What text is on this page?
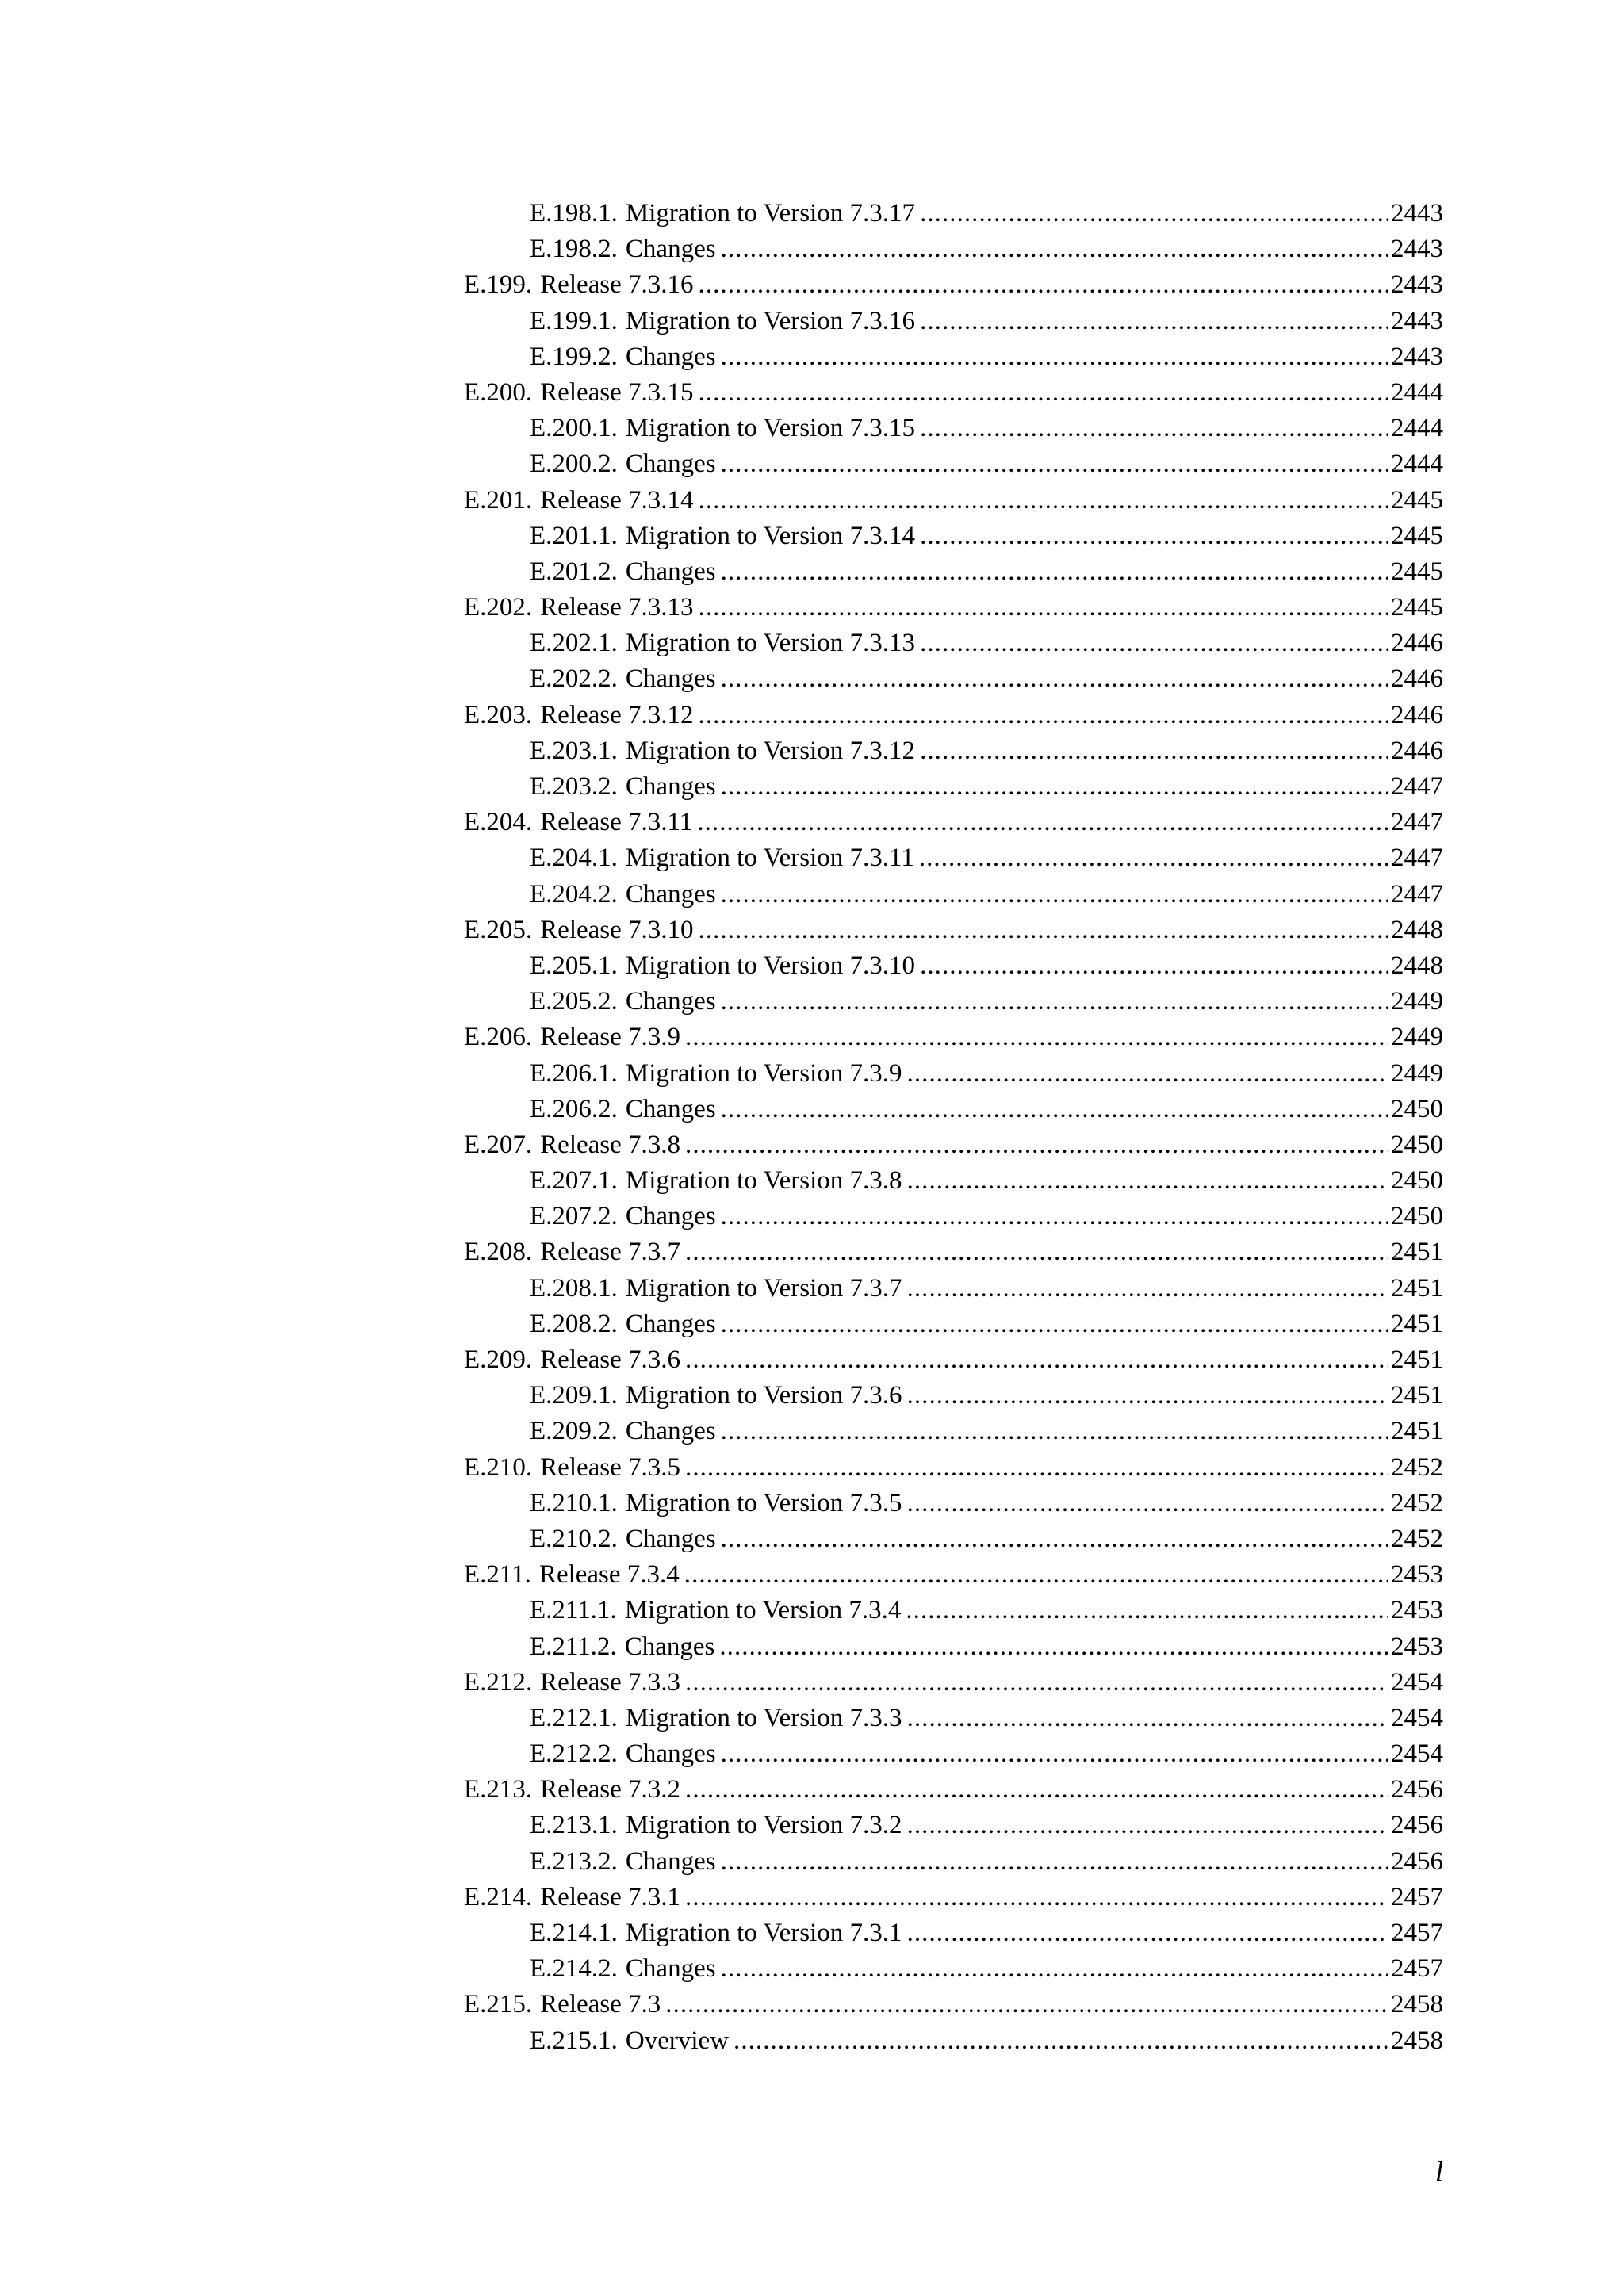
E.198.1. Migration to Version 7.3.17 . . .	2443
E.198.2. Changes . . .	2443
E.199. Release 7.3.16 . . .	2443
E.199.1. Migration to Version 7.3.16 . . .	2443
E.199.2. Changes . . .	2443
E.200. Release 7.3.15 . . .	2444
E.200.1. Migration to Version 7.3.15 . . .	2444
E.200.2. Changes . . .	2444
E.201. Release 7.3.14 . . .	2445
E.201.1. Migration to Version 7.3.14 . . .	2445
E.201.2. Changes . . .	2445
E.202. Release 7.3.13 . . .	2445
E.202.1. Migration to Version 7.3.13 . . .	2446
E.202.2. Changes . . .	2446
E.203. Release 7.3.12 . . .	2446
E.203.1. Migration to Version 7.3.12 . . .	2446
E.203.2. Changes . . .	2447
E.204. Release 7.3.11 . . .	2447
E.204.1. Migration to Version 7.3.11 . . .	2447
E.204.2. Changes . . .	2447
E.205. Release 7.3.10 . . .	2448
E.205.1. Migration to Version 7.3.10 . . .	2448
E.205.2. Changes . . .	2449
E.206. Release 7.3.9 . . .	2449
E.206.1. Migration to Version 7.3.9 . . .	2449
E.206.2. Changes . . .	2450
E.207. Release 7.3.8 . . .	2450
E.207.1. Migration to Version 7.3.8 . . .	2450
E.207.2. Changes . . .	2450
E.208. Release 7.3.7 . . .	2451
E.208.1. Migration to Version 7.3.7 . . .	2451
E.208.2. Changes . . .	2451
E.209. Release 7.3.6 . . .	2451
E.209.1. Migration to Version 7.3.6 . . .	2451
E.209.2. Changes . . .	2451
E.210. Release 7.3.5 . . .	2452
E.210.1. Migration to Version 7.3.5 . . .	2452
E.210.2. Changes . . .	2452
E.211. Release 7.3.4 . . .	2453
E.211.1. Migration to Version 7.3.4 . . .	2453
E.211.2. Changes . . .	2453
E.212. Release 7.3.3 . . .	2454
E.212.1. Migration to Version 7.3.3 . . .	2454
E.212.2. Changes . . .	2454
E.213. Release 7.3.2 . . .	2456
E.213.1. Migration to Version 7.3.2 . . .	2456
E.213.2. Changes . . .	2456
E.214. Release 7.3.1 . . .	2457
E.214.1. Migration to Version 7.3.1 . . .	2457
E.214.2. Changes . . .	2457
E.215. Release 7.3 . . .	2458
E.215.1. Overview . . .	2458
l
